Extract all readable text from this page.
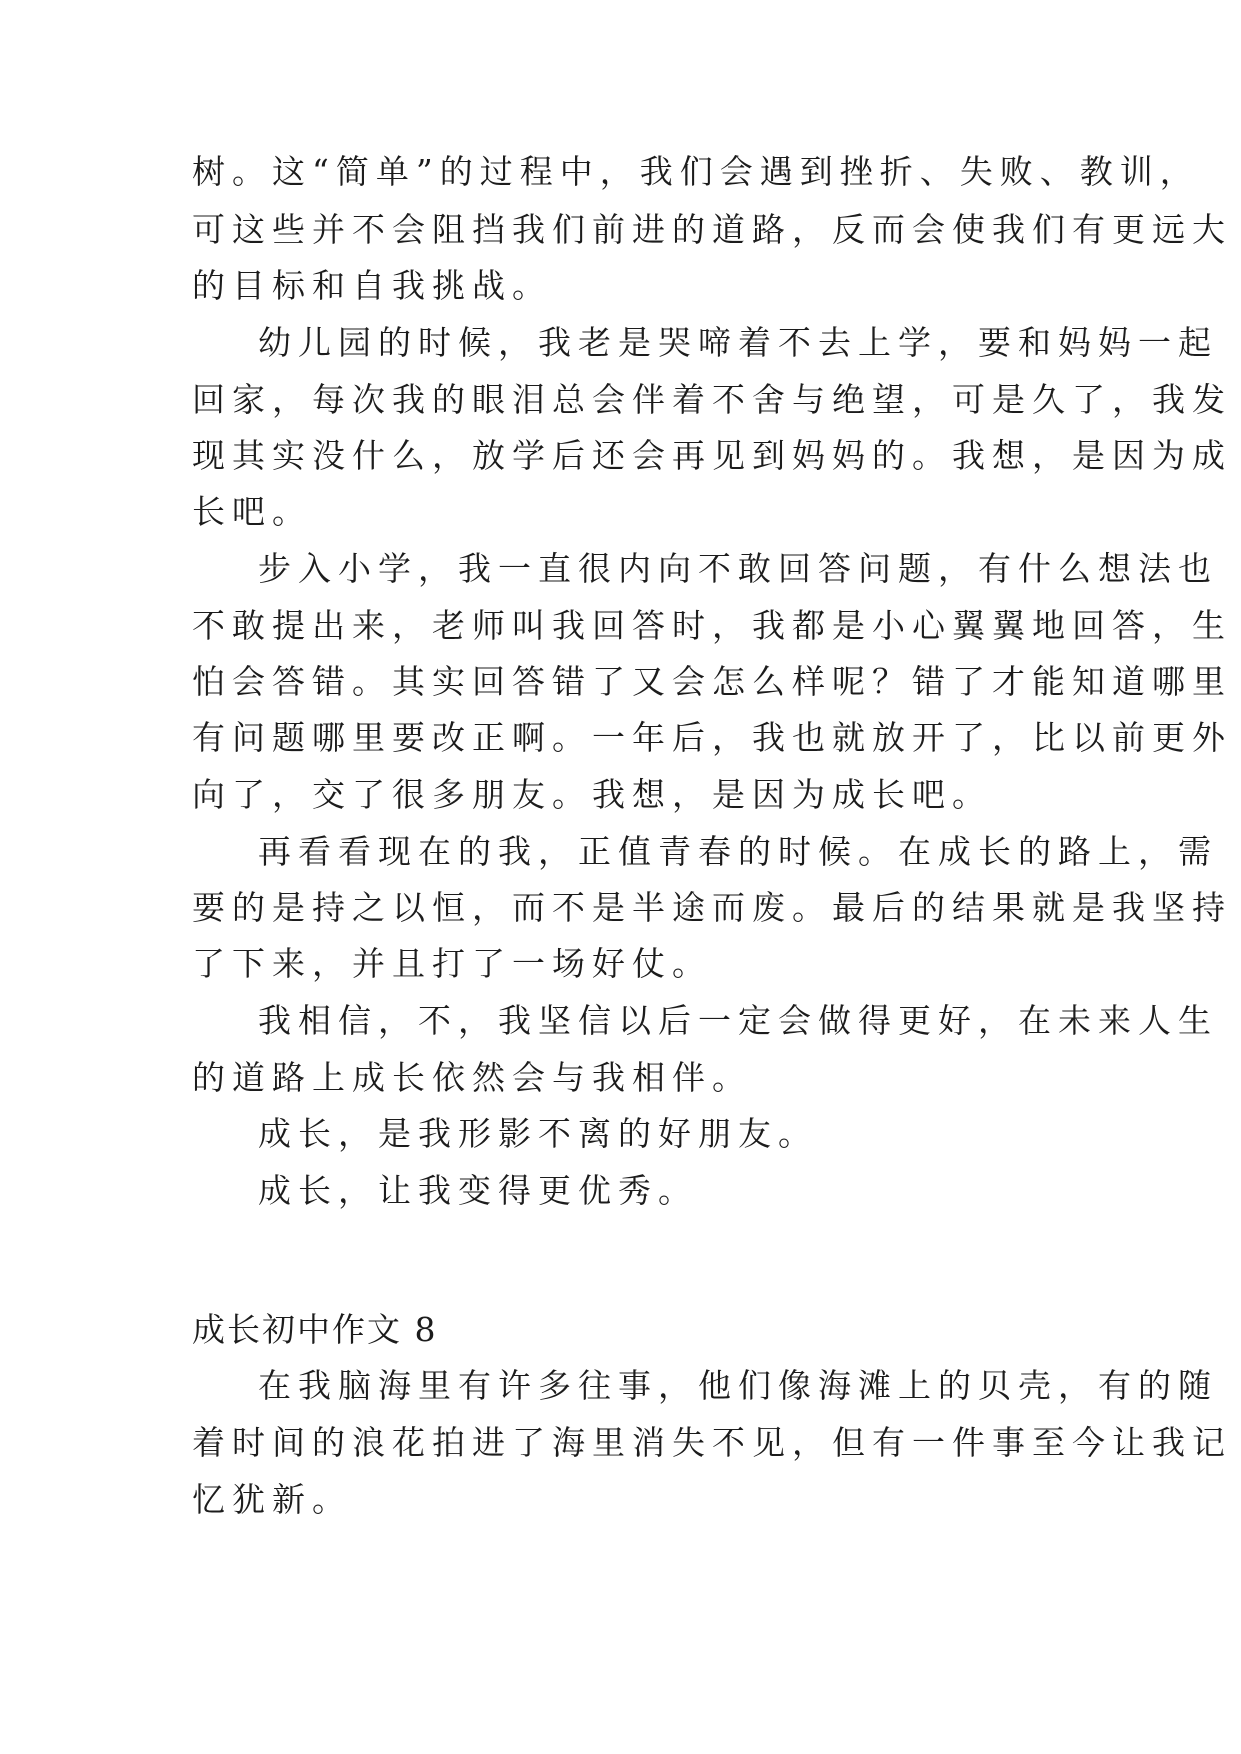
树。这“简单”的过程中，我们会遇到挫折、失败、教训，
可这些并不会阻挡我们前进的道路，反而会使我们有更远大
的目标和自我挑战。
幼儿园的时候，我老是哭啼着不去上学，要和妈妈一起
回家，每次我的眼泪总会伴着不舍与绝望，可是久了，我发
现其实没什么，放学后还会再见到妈妈的。我想，是因为成
长吧。
步入小学，我一直很内向不敢回答问题，有什么想法也
不敢提出来，老师叫我回答时，我都是小心翼翼地回答，生
怕会答错。其实回答错了又会怎么样呢？错了才能知道哪里
有问题哪里要改正啊。一年后，我也就放开了，比以前更外
向了，交了很多朋友。我想，是因为成长吧。
再看看现在的我，正值青春的时候。在成长的路上，需
要的是持之以恒，而不是半途而废。最后的结果就是我坚持
了下来，并且打了一场好仗。
我相信，不，我坚信以后一定会做得更好，在未来人生
的道路上成长依然会与我相伴。
成长，是我形影不离的好朋友。
成长，让我变得更优秀。
成长初中作文 8
在我脑海里有许多往事，他们像海滩上的贝壳，有的随
着时间的浪花拍进了海里消失不见，但有一件事至今让我记
忆犹新。
